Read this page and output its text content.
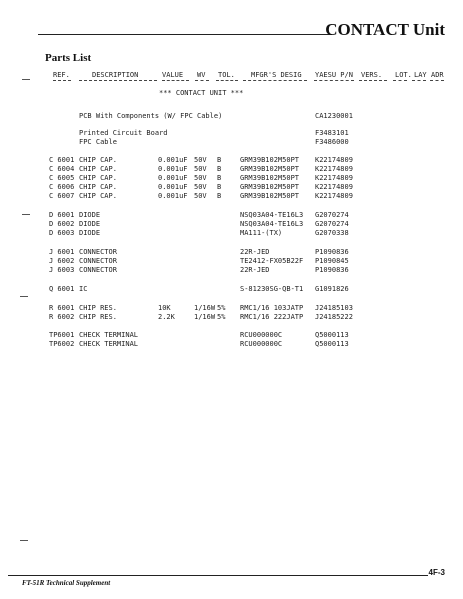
CONTACT Unit
Parts List
REF.	DESCRIPTION	VALUE WV TOL. MFGR'S DESIG YAESU P/N VERS. LOT. LAY ADR
*** CONTACT UNIT ***
PCB With Components (W/ FPC Cable)	CA1230001
Printed Circuit Board	F3483101
FPC Cable	F3486000
C 6001 CHIP CAP.	0.001uF 50V B	GRM39B102M50PT K22174809
C 6004 CHIP CAP.	0.001uF 50V B	GRM39B102M50PT K22174809
C 6005 CHIP CAP.	0.001uF 50V B	GRM39B102M50PT K22174809
C 6006 CHIP CAP.	0.001uF 50V B	GRM39B102M50PT K22174809
C 6007 CHIP CAP.	0.001uF 50V B	GRM39B102M50PT K22174809
D 6001 DIODE	NSQ03A04-TE16L3 G2070274
D 6002 DIODE	NSQ03A04-TE16L3 G2070274
D 6003 DIODE	MA111-(TX)	G2070338
J 6001 CONNECTOR	22R-JED	P1090836
J 6002 CONNECTOR	TE2412-FX05B22F P1090845
J 6003 CONNECTOR	22R-JED	P1090836
Q 6001 IC	S-81230SG-QB-T1 G1091826
R 6001 CHIP RES.	10K	1/16W 5% RMC1/16 103JATP J24185103
R 6002 CHIP RES.	2.2K	1/16W 5% RMC1/16 222JATP J24185222
TP6001 CHECK TERMINAL	RCU000000C	Q5000113
TP6002 CHECK TERMINAL	RCU000000C	Q5000113
FT-51R Technical Supplement
4F-3
